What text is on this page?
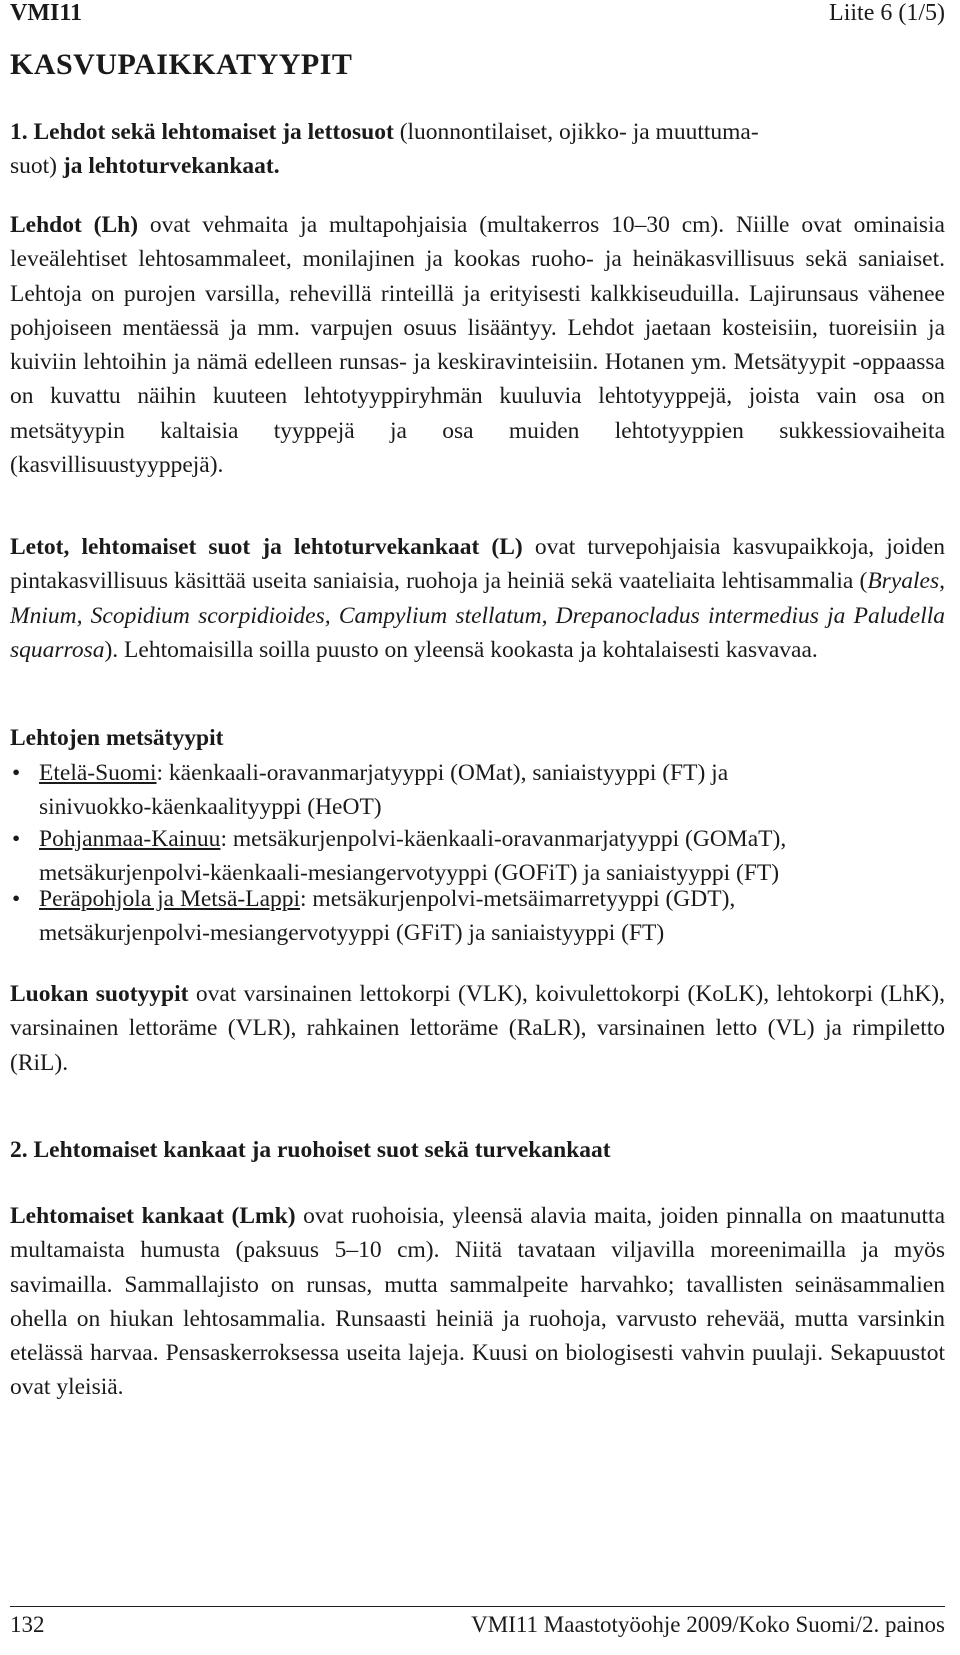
VMI11	Liite 6 (1/5)
KASVUPAIKKATYYPIT
1. Lehdot sekä lehtomaiset ja lettosuot (luonnontilaiset, ojikko- ja muuttuma-
suot) ja lehtoturvekankaat.
Lehdot (Lh) ovat vehmaita ja multapohjaisia (multakerros 10–30 cm). Niille ovat ominaisia leveälehtiset lehtosammaleet, monilajinen ja kookas ruoho- ja heinäkasvillisuus sekä saniaiset. Lehtoja on purojen varsilla, rehevillä rinteillä ja erityisesti kalkkiseuduilla. Lajirunsaus vähenee pohjoiseen mentäessä ja mm. varpujen osuus lisääntyy. Lehdot jaetaan kosteisiin, tuoreisiin ja kuiviin lehtoihin ja nämä edelleen runsas- ja keskiravinteisiin. Hotanen ym. Metsätyypit -oppaassa on kuvattu näihin kuuteen lehtotyyppiryhmän kuuluvia lehtotyyppejä, joista vain osa on metsätyypin kaltaisia tyyppejä ja osa muiden lehtotyyppien sukkessiovaiheita (kasvillisuustyyppejä).
Letot, lehtomaiset suot ja lehtoturvekankaat (L) ovat turvepohjaisia kasvupaikkoja, joiden pintakasvillisuus käsittää useita saniaisia, ruohoja ja heiniä sekä vaateliaita lehtisammalia (Bryales, Mnium, Scopidium scorpidioides, Campylium stellatum, Drepanocladus intermedius ja Paludella squarrosa). Lehtomaisilla soilla puusto on yleensä kookasta ja kohtalaisesti kasvavaa.
Lehtojen metsätyypit
• Etelä-Suomi: käenkaali-oravanmarjatyyppi (OMat), saniaistyyppi (FT) ja
sinivuokko-käenkaalityyppi (HeOT)
• Pohjanmaa-Kainuu: metsäkurjenpolvi-käenkaali-oravanmarjatyyppi (GOMaT),
metsäkurjenpolvi-käenkaali-mesiangervotyyppi (GOFiT) ja saniaistyyppi (FT)
• Peräpohjola ja Metsä-Lappi: metsäkurjenpolvi-metsäimarretyyppi (GDT),
metsäkurjenpolvi-mesiangervotyyppi (GFiT) ja saniaistyyppi (FT)
Luokan suotyypit ovat varsinainen lettokorpi (VLK), koivulettokorpi (KoLK), lehtokorpi (LhK), varsinainen lettoräme (VLR), rahkainen lettoräme (RaLR), varsinainen letto (VL) ja rimpiletto (RiL).
2. Lehtomaiset kankaat ja ruohoiset suot sekä turvekankaat
Lehtomaiset kankaat (Lmk) ovat ruohoisia, yleensä alavia maita, joiden pinnalla on maatunutta multamaista humusta (paksuus 5–10 cm). Niitä tavataan viljavilla moreenimailla ja myös savimailla. Sammallajisto on runsas, mutta sammalpeite harvahko; tavallisten seinäsammalien ohella on hiukan lehtosammalia. Runsaasti heiniä ja ruohoja, varvusto rehevää, mutta varsinkin etelässä harvaa. Pensaskerroksessa useita lajeja. Kuusi on biologisesti vahvin puulaji. Sekapuustot ovat yleisiä.
132	VMI11 Maastotyöohje 2009/Koko Suomi/2. painos
